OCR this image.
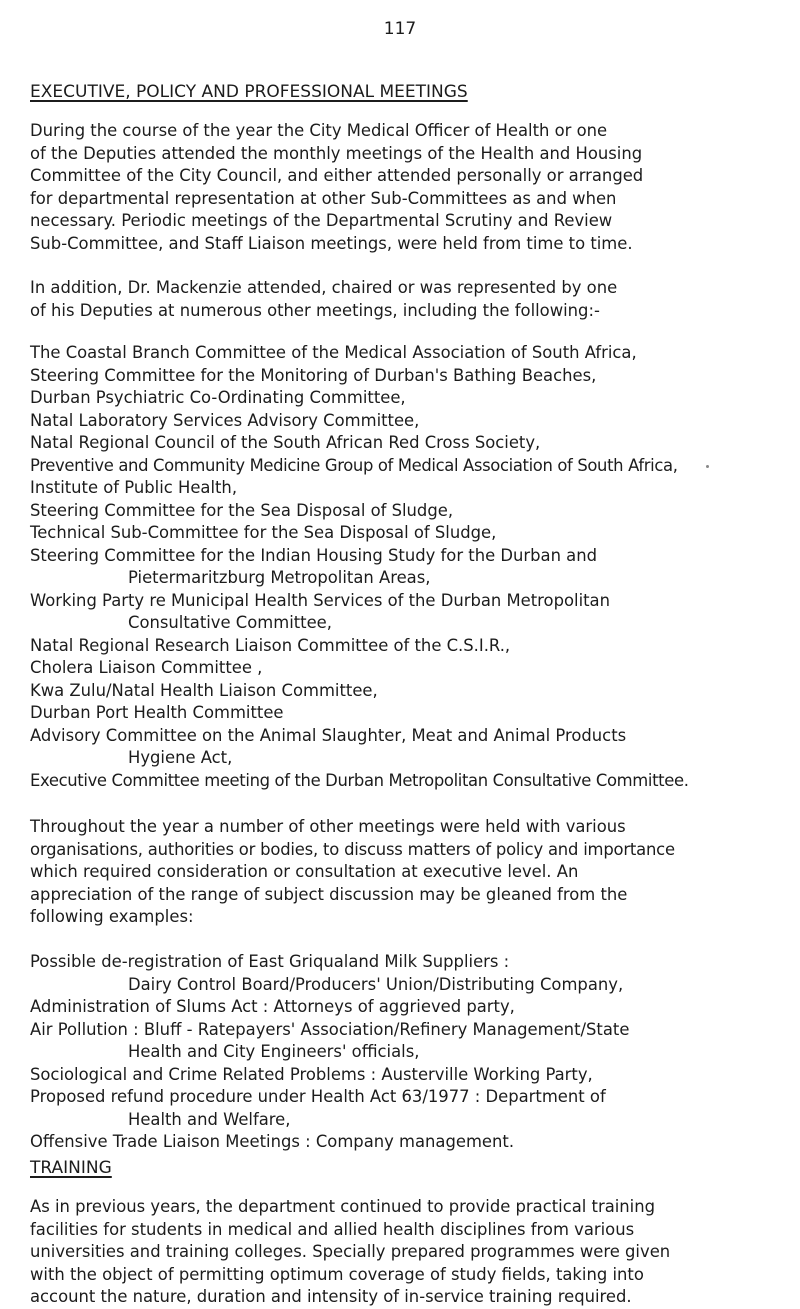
117
EXECUTIVE, POLICY AND PROFESSIONAL MEETINGS

During the course of the year the City Medical Officer of Health or one
of the Deputies attended the monthly meetings of the Health and Housing
Committee of the City Council, and either attended personally or arranged
for departmental representation at other Sub-Committees as and when
necessary. Periodic meetings of the Departmental Scrutiny and Review
Sub-Committee, and Staff Liaison meetings, were held from time to time.

In addition, Dr. Mackenzie attended, chaired or was represented by one
of his Deputies at numerous other meetings, including the following:-

The Coastal Branch Committee of the Medical Association of South Africa,
Steering Committee for the Monitoring of Durban's Bathing Beaches,
Durban Psychiatric Co-Ordinating Committee,
Natal Laboratory Services Advisory Committee,
Natal Regional Council of the South African Red Cross Society,
Preventive and Community Medicine Group of Medical Association of South Africa,
Institute of Public Health,
Steering Committee for the Sea Disposal of Sludge,
Technical Sub-Committee for the Sea Disposal of Sludge,
Steering Committee for the Indian Housing Study for the Durban and
Pietermaritzburg Metropolitan Areas,
Working Party re Municipal Health Services of the Durban Metropolitan
Consultative Committee,
Natal Regional Research Liaison Committee of the C.S.I.R.,
Cholera Liaison Committee ,
Kwa Zulu/Natal Health Liaison Committee,
Durban Port Health Committee
Advisory Committee on the Animal Slaughter, Meat and Animal Products
Hygiene Act,
Executive Committee meeting of the Durban Metropolitan Consultative Committee.

Throughout the year a number of other meetings were held with various
organisations, authorities or bodies, to discuss matters of policy and importance
which required consideration or consultation at executive level. An
appreciation of the range of subject discussion may be gleaned from the
following examples:

Possible de-registration of East Griqualand Milk Suppliers :
Dairy Control Board/Producers' Union/Distributing Company,
Administration of Slums Act : Attorneys of aggrieved party,
Air Pollution : Bluff - Ratepayers' Association/Refinery Management/State
Health and City Engineers' officials,
Sociological and Crime Related Problems : Austerville Working Party,
Proposed refund procedure under Health Act 63/1977 : Department of
Health and Welfare,
Offensive Trade Liaison Meetings : Company management.
TRAINING

As in previous years, the department continued to provide practical training
facilities for students in medical and allied health disciplines from various
universities and training colleges. Specially prepared programmes were given
with the object of permitting optimum coverage of study fields, taking into
account the nature, duration and intensity of in-service training required.
